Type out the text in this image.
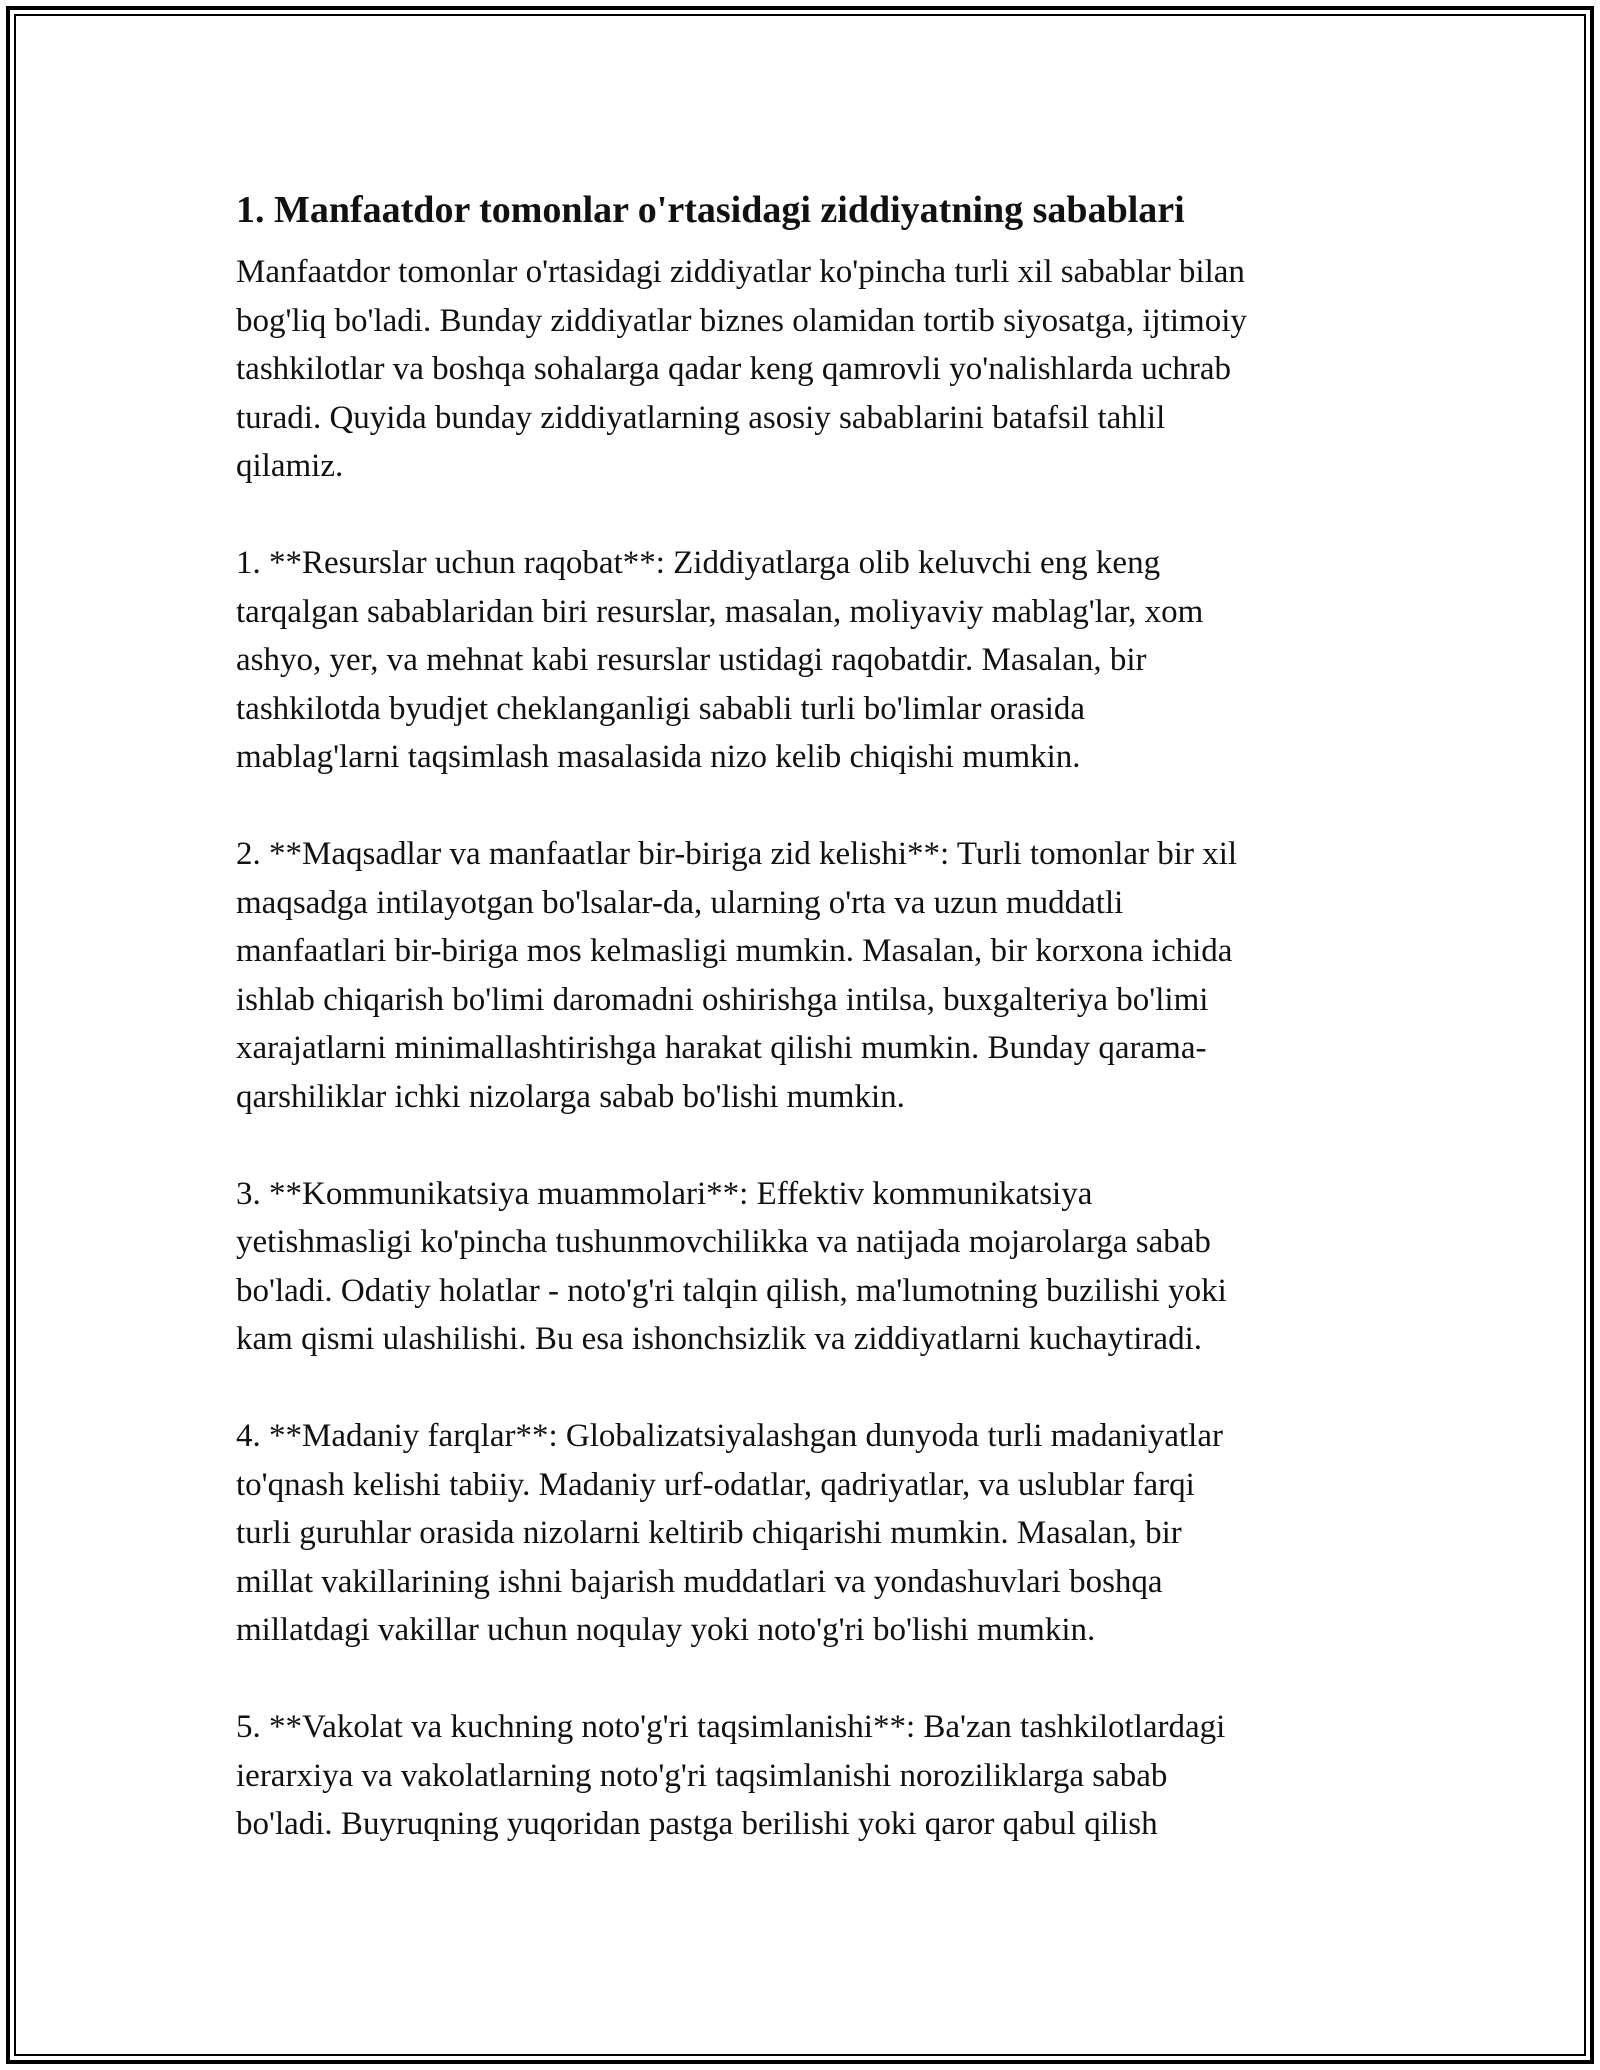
1. Manfaatdor tomonlar o'rtasidagi ziddiyatning sabablari
Manfaatdor tomonlar o'rtasidagi ziddiyatlar ko'pincha turli xil sabablar bilan
bog'liq bo'ladi. Bunday ziddiyatlar biznes olamidan tortib siyosatga, ijtimoiy
tashkilotlar va boshqa sohalarga qadar keng qamrovli yo'nalishlarda uchrab
turadi. Quyida bunday ziddiyatlarning asosiy sabablarini batafsil tahlil
qilamiz.
1. **Resurslar uchun raqobat**: Ziddiyatlarga olib keluvchi eng keng
tarqalgan sabablaridan biri resurslar, masalan, moliyaviy mablag'lar, xom
ashyo, yer, va mehnat kabi resurslar ustidagi raqobatdir. Masalan, bir
tashkilotda byudjet cheklanganligi sababli turli bo'limlar orasida
mablag'larni taqsimlash masalasida nizo kelib chiqishi mumkin.
2. **Maqsadlar va manfaatlar bir-biriga zid kelishi**: Turli tomonlar bir xil
maqsadga intilayotgan bo'lsalar-da, ularning o'rta va uzun muddatli
manfaatlari bir-biriga mos kelmasligi mumkin. Masalan, bir korxona ichida
ishlab chiqarish bo'limi daromadni oshirishga intilsa, buxgalteriya bo'limi
xarajatlarni minimallashtirishga harakat qilishi mumkin. Bunday qarama-
qarshiliklar ichki nizolarga sabab bo'lishi mumkin.
3. **Kommunikatsiya muammolari**: Effektiv kommunikatsiya
yetishmasligi ko'pincha tushunmovchilikka va natijada mojarolarga sabab
bo'ladi. Odatiy holatlar - noto'g'ri talqin qilish, ma'lumotning buzilishi yoki
kam qismi ulashilishi. Bu esa ishonchsizlik va ziddiyatlarni kuchaytiradi.
4. **Madaniy farqlar**: Globalizatsiyalashgan dunyoda turli madaniyatlar
to'qnash kelishi tabiiy. Madaniy urf-odatlar, qadriyatlar, va uslublar farqi
turli guruhlar orasida nizolarni keltirib chiqarishi mumkin. Masalan, bir
millat vakillarining ishni bajarish muddatlari va yondashuvlari boshqa
millatdagi vakillar uchun noqulay yoki noto'g'ri bo'lishi mumkin.
5. **Vakolat va kuchning noto'g'ri taqsimlanishi**: Ba'zan tashkilotlardagi
ierarxiya va vakolatlarning noto'g'ri taqsimlanishi noroziliklarga sabab
bo'ladi. Buyruqning yuqoridan pastga berilishi yoki qaror qabul qilish
